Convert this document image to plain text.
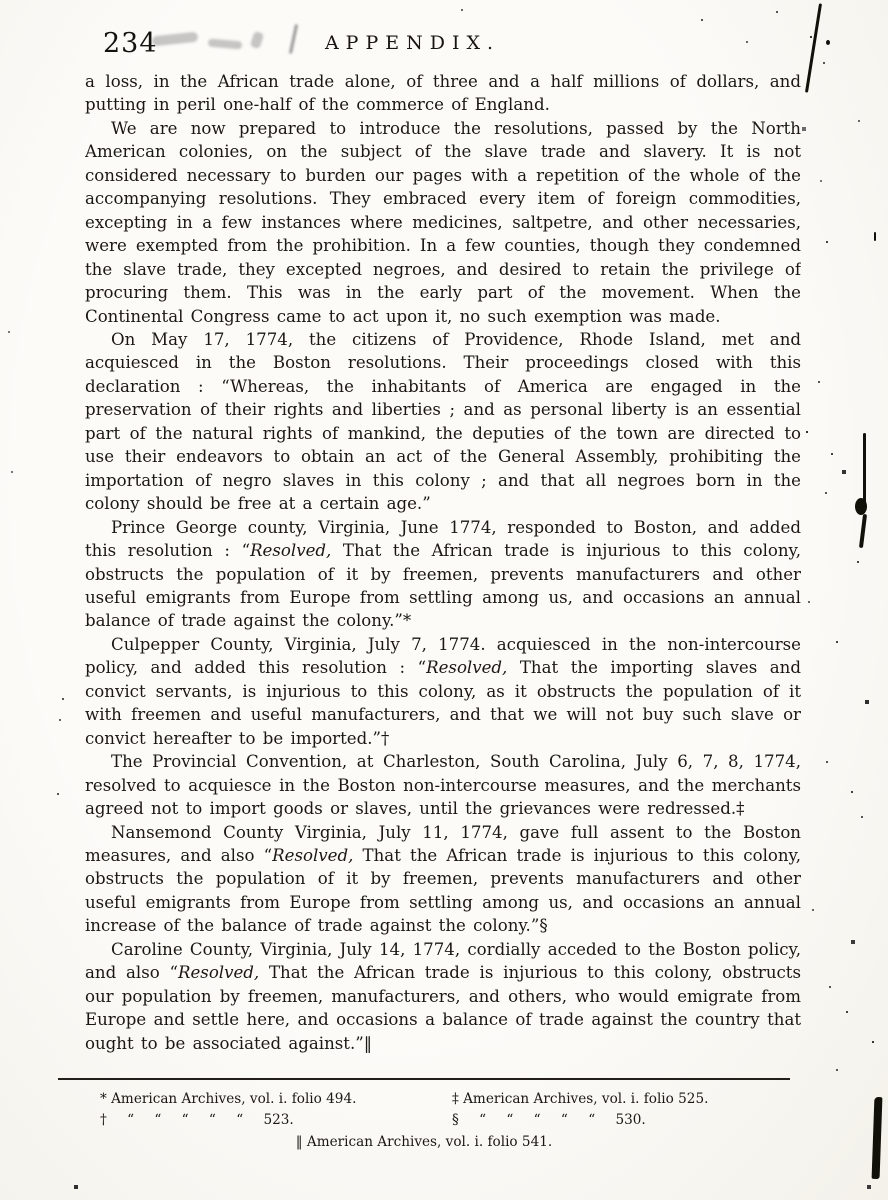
234	APPENDIX.

a loss, in the African trade alone, of three and a half millions of dollars, and putting in peril one-half of the commerce of England.

We are now prepared to introduce the resolutions, passed by the North American colonies, on the subject of the slave trade and slavery. It is not considered necessary to burden our pages with a repetition of the whole of the accompanying resolutions. They embraced every item of foreign commodities, excepting in a few instances where medicines, saltpetre, and other necessaries, were exempted from the prohibition. In a few counties, though they condemned the slave trade, they excepted negroes, and desired to retain the privilege of procuring them. This was in the early part of the movement. When the Continental Congress came to act upon it, no such exemption was made.

On May 17, 1774, the citizens of Providence, Rhode Island, met and acquiesced in the Boston resolutions. Their proceedings closed with this declaration : “Whereas, the inhabitants of America are engaged in the preservation of their rights and liberties ; and as personal liberty is an essential part of the natural rights of mankind, the deputies of the town are directed to use their endeavors to obtain an act of the General Assembly, prohibiting the importation of negro slaves in this colony ; and that all negroes born in the colony should be free at a certain age.”

Prince George county, Virginia, June 1774, responded to Boston, and added this resolution : “Resolved, That the African trade is injurious to this colony, obstructs the population of it by freemen, prevents manufacturers and other useful emigrants from Europe from settling among us, and occasions an annual balance of trade against the colony.”*

Culpepper County, Virginia, July 7, 1774. acquiesced in the non-intercourse policy, and added this resolution : “Resolved, That the importing slaves and convict servants, is injurious to this colony, as it obstructs the population of it with freemen and useful manufacturers, and that we will not buy such slave or convict hereafter to be imported.”†

The Provincial Convention, at Charleston, South Carolina, July 6, 7, 8, 1774, resolved to acquiesce in the Boston non-intercourse measures, and the merchants agreed not to import goods or slaves, until the grievances were redressed.‡

Nansemond County Virginia, July 11, 1774, gave full assent to the Boston measures, and also “Resolved, That the African trade is injurious to this colony, obstructs the population of it by freemen, prevents manufacturers and other useful emigrants from Europe from settling among us, and occasions an annual increase of the balance of trade against the colony.”§

Caroline County, Virginia, July 14, 1774, cordially acceded to the Boston policy, and also “Resolved, That the African trade is injurious to this colony, obstructs our population by freemen, manufacturers, and others, who would emigrate from Europe and settle here, and occasions a balance of trade against the country that ought to be associated against.”‖

* American Archives, vol. i. folio 494.	‡ American Archives, vol. i. folio 525.
† “ “ “ “ “ 523.	§ “ “ “ “ “ 530.
‖ American Archives, vol. i. folio 541.
